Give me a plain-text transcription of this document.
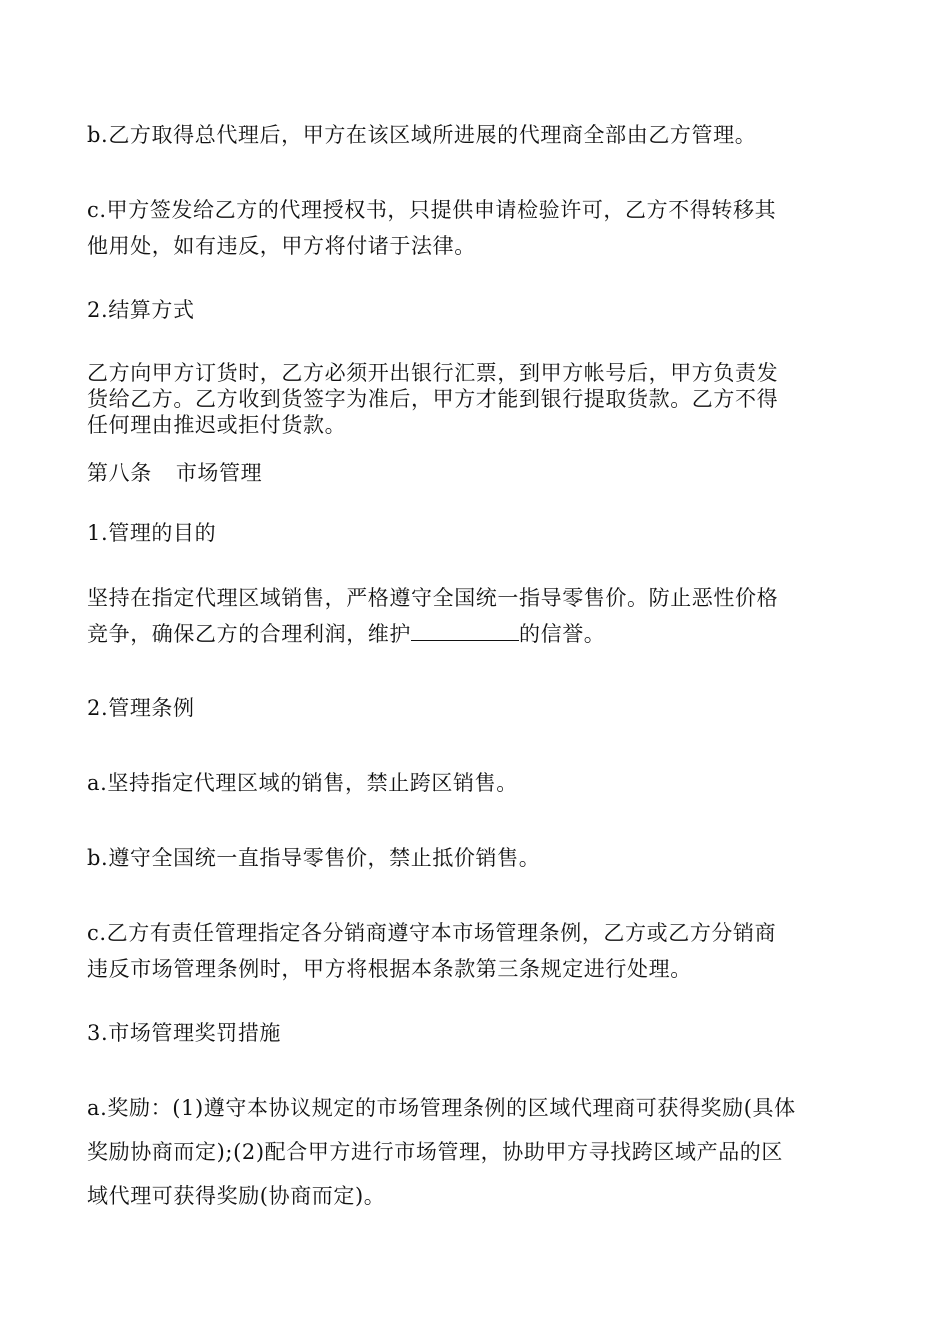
b.乙方取得总代理后，甲方在该区域所进展的代理商全部由乙方管理。

c.甲方签发给乙方的代理授权书，只提供申请检验许可，乙方不得转移其
他用处，如有违反，甲方将付诸于法律。

2.结算方式

乙方向甲方订货时，乙方必须开出银行汇票，到甲方帐号后，甲方负责发
货给乙方。乙方收到货签字为准后，甲方才能到银行提取货款。乙方不得
任何理由推迟或拒付货款。

第八条 市场管理

1.管理的目的

坚持在指定代理区域销售，严格遵守全国统一指导零售价。防止恶性价格
竞争，确保乙方的合理利润，维护	的信誉。

2.管理条例

a.坚持指定代理区域的销售，禁止跨区销售。

b.遵守全国统一直指导零售价，禁止抵价销售。

c.乙方有责任管理指定各分销商遵守本市场管理条例，乙方或乙方分销商
违反市场管理条例时，甲方将根据本条款第三条规定进行处理。

3.市场管理奖罚措施

a.奖励：(1)遵守本协议规定的市场管理条例的区域代理商可获得奖励(具体
奖励协商而定);(2)配合甲方进行市场管理，协助甲方寻找跨区域产品的区
域代理可获得奖励(协商而定)。
